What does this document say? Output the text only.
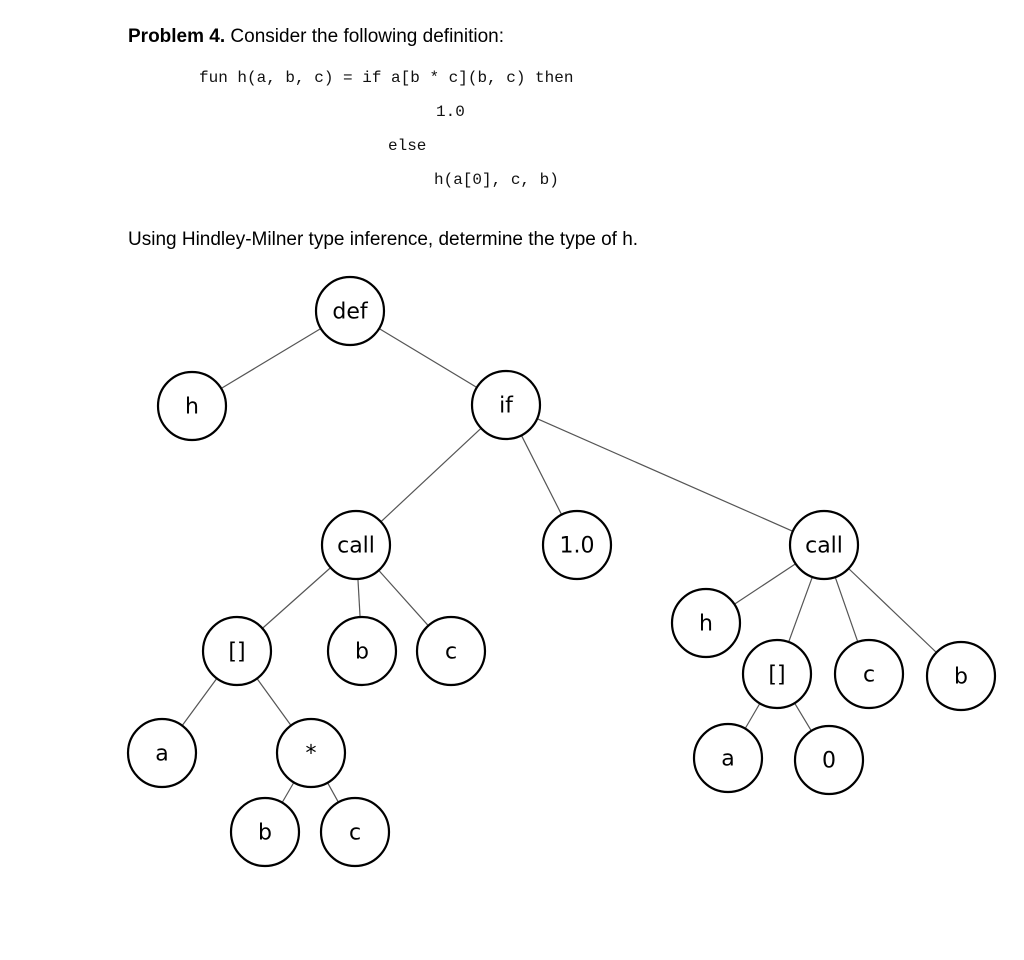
Problem 4. Consider the following definition:
fun h(a, b, c) = if a[b * c](b, c) then
1.0
else
h(a[0], c, b)
Using Hindley-Milner type inference, determine the type of h.
def
h	if
call	1.0	call
[]	b	c
a	*
b	c
h
[]	c	b
a	0
